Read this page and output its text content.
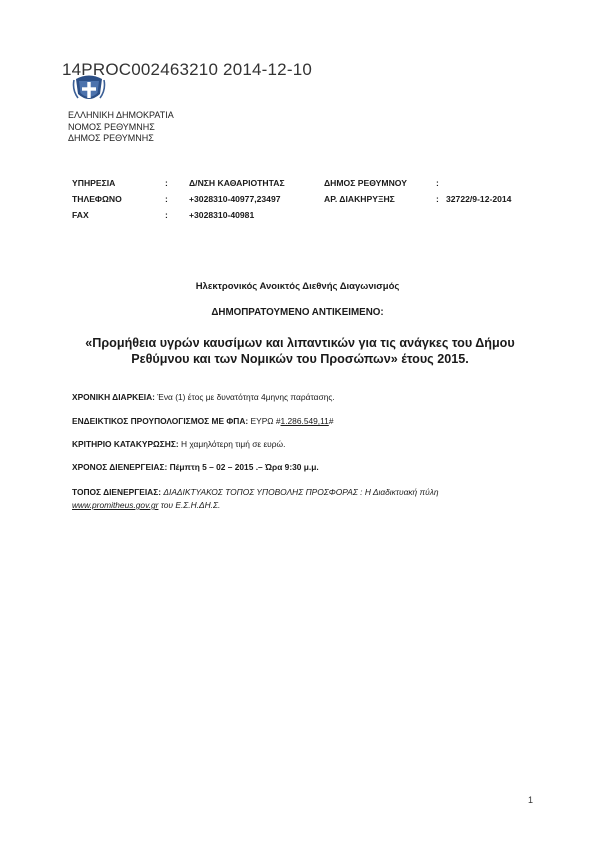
14PROC002463210 2014-12-10
ΕΛΛΗΝΙΚΗ ΔΗΜΟΚΡΑΤΙΑ
ΝΟΜΟΣ ΡΕΘΥΜΝΗΣ
ΔΗΜΟΣ ΡΕΘΥΜΝΗΣ
ΥΠΗΡΕΣΙΑ	:	Δ/ΝΣΗ ΚΑΘΑΡΙΟΤΗΤΑΣ	ΔΗΜΟΣ ΡΕΘΥΜΝΟΥ	:	
ΤΗΛΕΦΩΝΟ	:	+3028310-40977,23497	ΑΡ. ΔΙΑΚΗΡΥΞΗΣ	:	32722/9-12-2014
FAX	:	+3028310-40981			
Ηλεκτρονικός Ανοικτός Διεθνής Διαγωνισμός
ΔΗΜΟΠΡΑΤΟΥΜΕΝΟ ΑΝΤΙΚΕΙΜΕΝΟ:
«Προμήθεια υγρών καυσίμων και λιπαντικών για τις ανάγκες του Δήμου Ρεθύμνου και των Νομικών του Προσώπων» έτους 2015.
ΧΡΟΝΙΚΗ ΔΙΑΡΚΕΙΑ: Ένα (1) έτος με δυνατότητα 4μηνης παράτασης.
ΕΝΔΕΙΚΤΙΚΟΣ ΠΡΟΥΠΟΛΟΓΙΣΜΟΣ ΜΕ ΦΠΑ: ΕΥΡΩ #1.286.549,11#
ΚΡΙΤΗΡΙΟ ΚΑΤΑΚΥΡΩΣΗΣ: Η χαμηλότερη τιμή σε ευρώ.
ΧΡΟΝΟΣ ΔΙΕΝΕΡΓΕΙΑΣ: Πέμπτη 5 – 02 – 2015 .– Ώρα 9:30 μ.μ.
ΤΟΠΟΣ ΔΙΕΝΕΡΓΕΙΑΣ: ΔΙΑΔΙΚΤΥΑΚΟΣ ΤΟΠΟΣ ΥΠΟΒΟΛΗΣ ΠΡΟΣΦΟΡΑΣ : Η Διαδικτυακή πύλη
www.promitheus.gov.gr του Ε.Σ.Η.ΔΗ.Σ.
1
